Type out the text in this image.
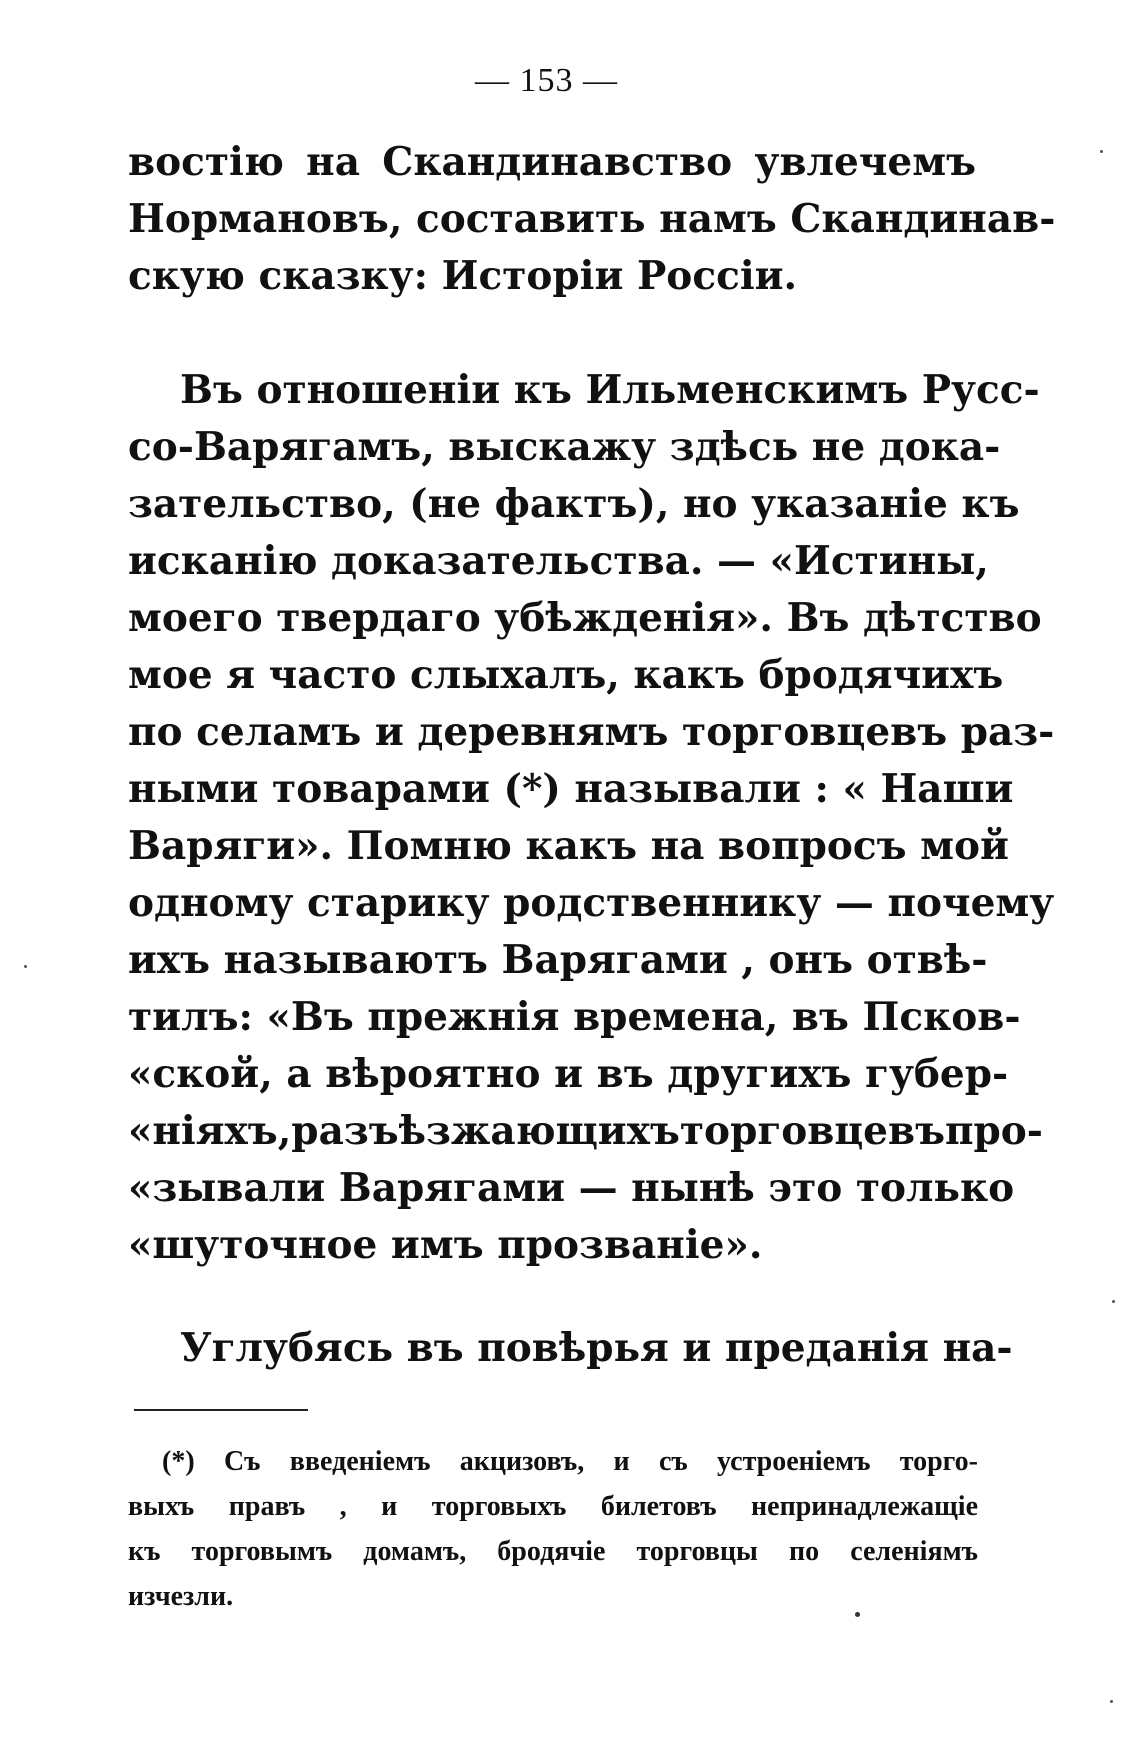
— 153 —
востію на Скандинавство увлечемъ
Нормановъ, составить намъ Скандинав-
скую сказку: Исторіи Россіи.
Въ отношеніи къ Ильменскимъ Русс-
со-Варягамъ, выскажу здѣсь не дока-
зательство, (не фактъ), но указаніе къ
исканію доказательства. — «Истины,
моего твердаго убѣжденія». Въ дѣтство
мое я часто слыхалъ, какъ бродячихъ
по селамъ и деревнямъ торговцевъ раз-
ными товарами (*) называли : « Наши
Варяги». Помню какъ на вопросъ мой
одному старику родственнику — почему
ихъ называютъ Варягами , онъ отвѣ-
тилъ: «Въ прежнія времена, въ Псков-
«ской, а вѣроятно и въ другихъ губер-
«ніяхъ,разъѣзжающихъторговцевъпро-
«зывали Варягами — нынѣ это только
«шуточное имъ прозваніе».
Углубясь въ повѣрья и преданія на-
(*) Съ введеніемъ акцизовъ, и съ устроеніемъ торго-
выхъ правъ , и торговыхъ билетовъ непринадлежащіе
къ торговымъ домамъ, бродячіе торговцы по селеніямъ
изчезли.
